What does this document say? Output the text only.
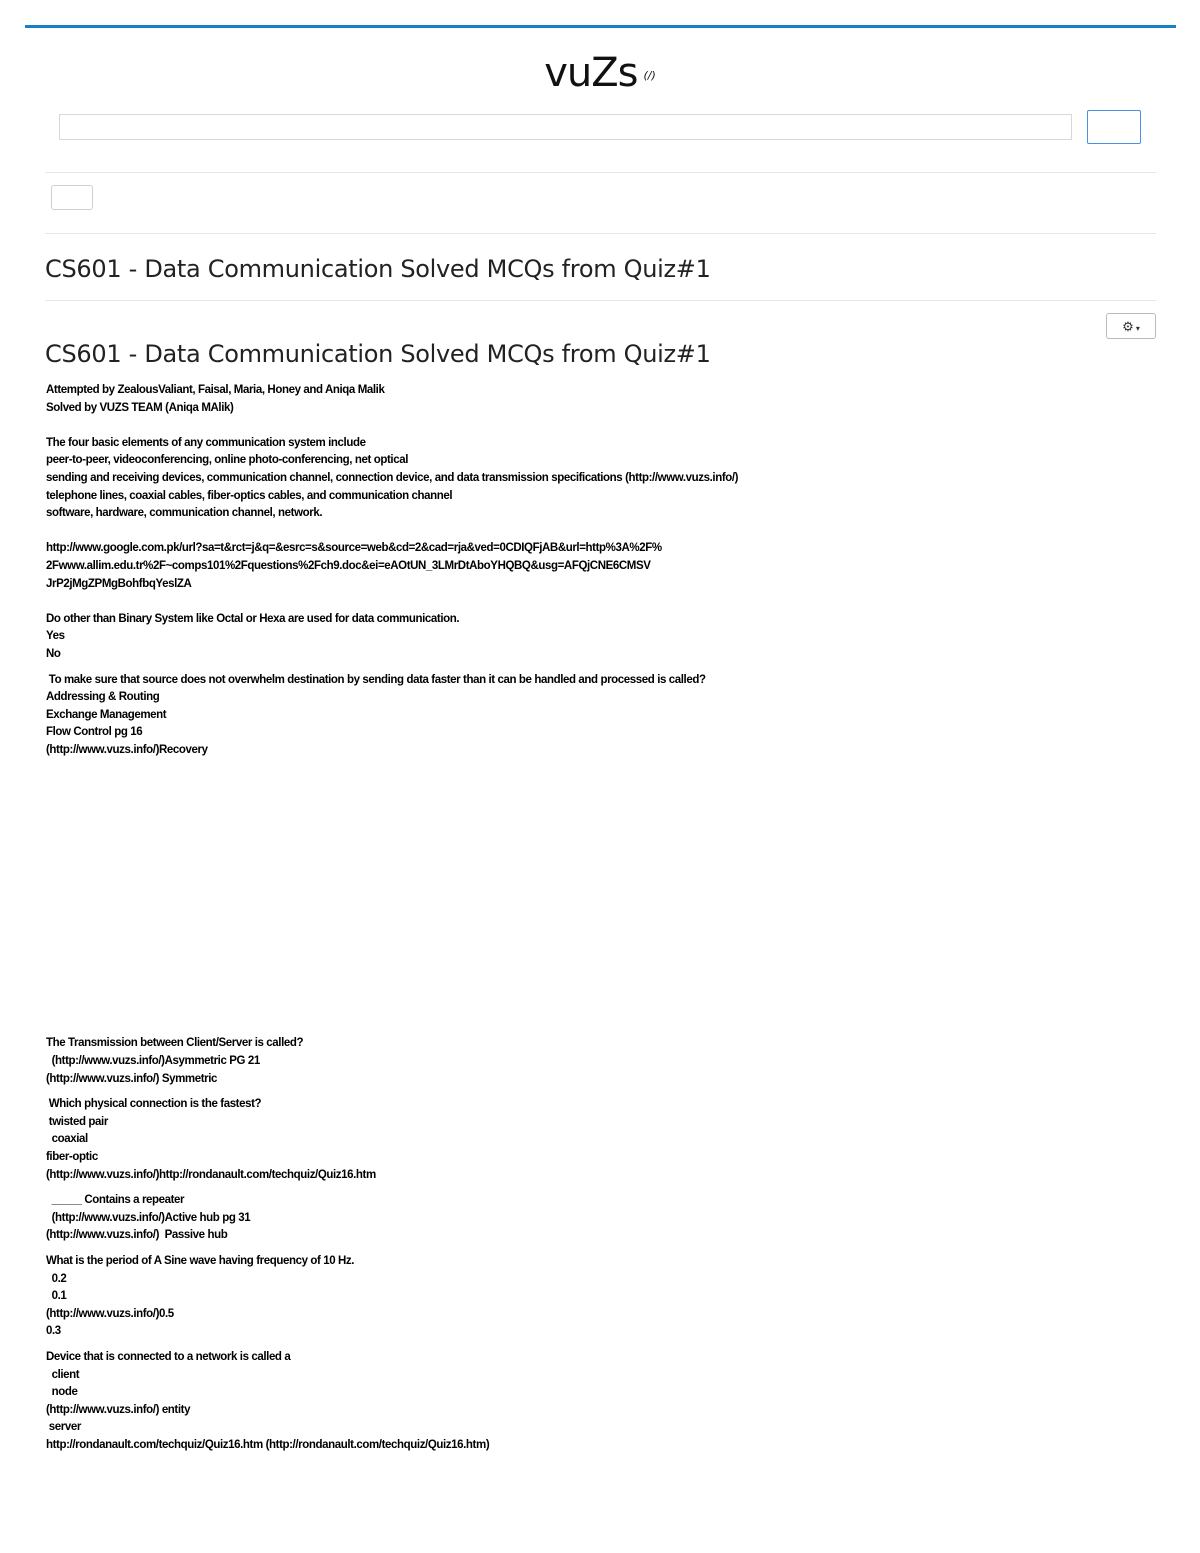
vuZs (/)
CS601 - Data Communication Solved MCQs from Quiz#1
⚙ ▾
CS601 - Data Communication Solved MCQs from Quiz#1
Attempted by ZealousValiant, Faisal, Maria, Honey and Aniqa Malik
Solved by VUZS TEAM (Aniqa MAlik)
The four basic elements of any communication system include
peer-to-peer, videoconferencing, online photo-conferencing, net optical
sending and receiving devices, communication channel, connection device, and data transmission specifications (http://www.vuzs.info/)
telephone lines, coaxial cables, fiber-optics cables, and communication channel
software, hardware, communication channel, network.
http://www.google.com.pk/url?sa=t&rct=j&q=&esrc=s&source=web&cd=2&cad=rja&ved=0CDIQFjAB&url=http%3A%2F%
2Fwww.allim.edu.tr%2F~comps101%2Fquestions%2Fch9.doc&ei=eAOtUN_3LMrDtAboYHQBQ&usg=AFQjCNE6CMSV
JrP2jMgZPMgBohfbqYeslZA
Do other than Binary System like Octal or Hexa are used for data communication.
Yes
No
To make sure that source does not overwhelm destination by sending data faster than it can be handled and processed is called?
Addressing & Routing
Exchange Management
Flow Control pg 16
(http://www.vuzs.info/)Recovery
The Transmission between Client/Server is called?
(http://www.vuzs.info/)Asymmetric PG 21
(http://www.vuzs.info/) Symmetric
Which physical connection is the fastest?
twisted pair
coaxial
fiber-optic
(http://www.vuzs.info/)http://rondanault.com/techquiz/Quiz16.htm
_____ Contains a repeater
(http://www.vuzs.info/)Active hub pg 31
(http://www.vuzs.info/)  Passive hub
What is the period of A Sine wave having frequency of 10 Hz.
0.2
0.1
(http://www.vuzs.info/)0.5
0.3
Device that is connected to a network is called a
client
node
(http://www.vuzs.info/) entity
server
http://rondanault.com/techquiz/Quiz16.htm (http://rondanault.com/techquiz/Quiz16.htm)
